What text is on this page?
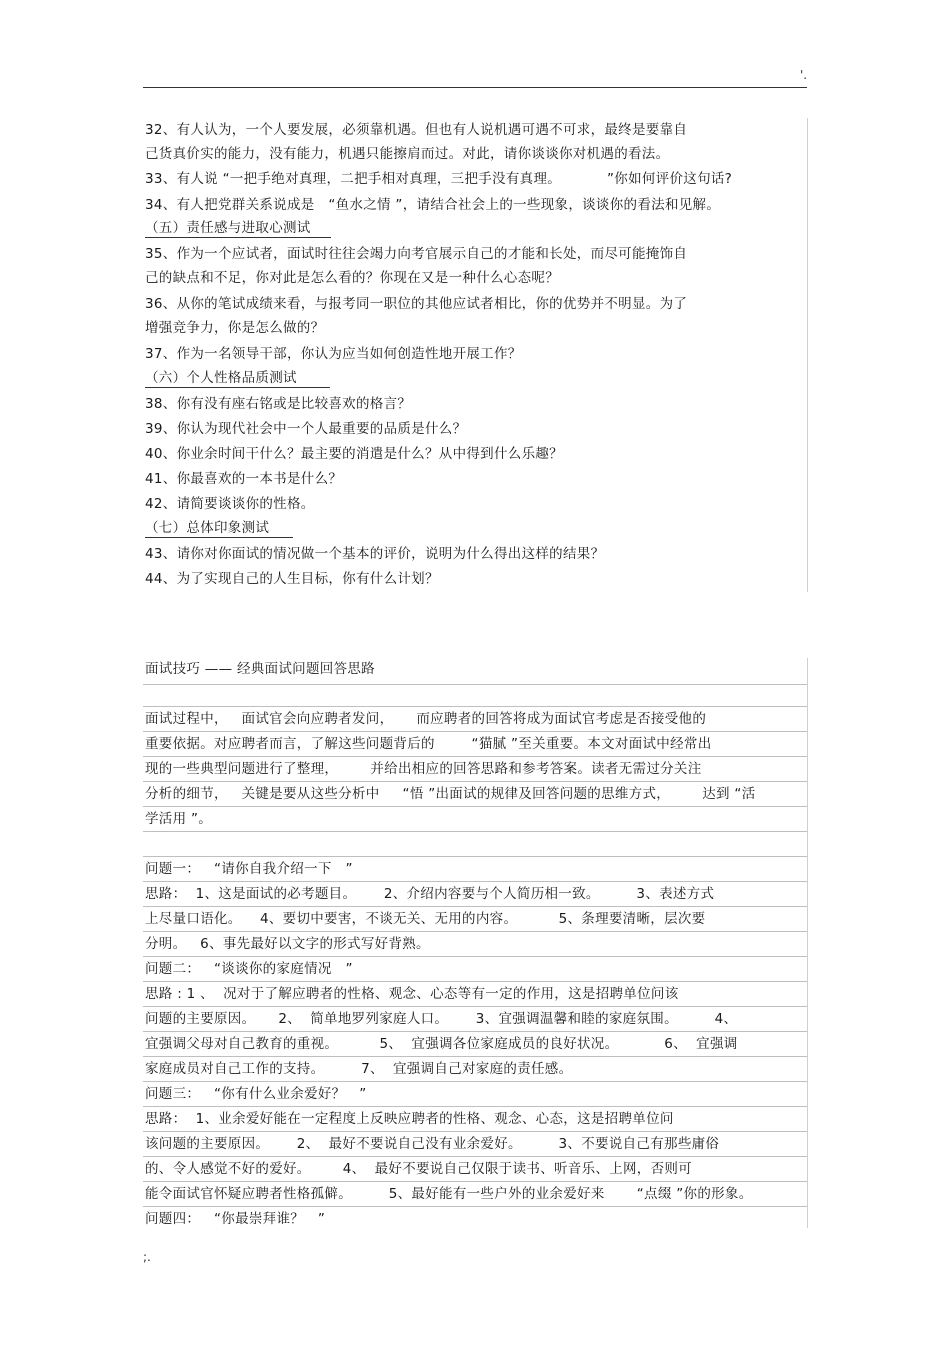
'.
32、有人认为，一个人要发展，必须靠机遇。但也有人说机遇可遇不可求，最终是要靠自
己货真价实的能力，没有能力，机遇只能擦肩而过。对此，请你谈谈你对机遇的看法。
33、有人说 “一把手绝对真理，二把手相对真理，三把手没有真理。          ”你如何评价这句话?
34、有人把党群关系说成是   “鱼水之情 ”，请结合社会上的一些现象，谈谈你的看法和见解。
（五）责任感与进取心测试
35、作为一个应试者，面试时往往会竭力向考官展示自己的才能和长处，而尽可能掩饰自
己的缺点和不足，你对此是怎么看的？你现在又是一种什么心态呢？
36、从你的笔试成绩来看，与报考同一职位的其他应试者相比，你的优势并不明显。为了
增强竞争力，你是怎么做的？
37、作为一名领导干部，你认为应当如何创造性地开展工作？
（六）个人性格品质测试
38、你有没有座右铭或是比较喜欢的格言？
39、你认为现代社会中一个人最重要的品质是什么？
40、你业余时间干什么？最主要的消遣是什么？从中得到什么乐趣？
41、你最喜欢的一本书是什么？
42、请简要谈谈你的性格。
（七）总体印象测试
43、请你对你面试的情况做一个基本的评价，说明为什么得出这样的结果？
44、为了实现自己的人生目标，你有什么计划？
面试技巧 —— 经典面试问题回答思路
面试过程中，   面试官会向应聘者发问，     而应聘者的回答将成为面试官考虑是否接受他的
重要依据。对应聘者而言，了解这些问题背后的        “猫腻 ”至关重要。本文对面试中经常出
现的一些典型问题进行了整理，       并给出相应的回答思路和参考答案。读者无需过分关注
分析的细节，   关键是要从这些分析中     “悟 ”出面试的规律及回答问题的思维方式，       达到 “活
学活用 ”。
问题一：   “请你自我介绍一下   ”
思路：  1、这是面试的必考题目。      2、介绍内容要与个人简历相一致。        3、表述方式
上尽量口语化。    4、要切中要害，不谈无关、无用的内容。         5、条理要清晰，层次要
分明。   6、事先最好以文字的形式写好背熟。
问题二：   “谈谈你的家庭情况   ”
思路 : 1 、  况对于了解应聘者的性格、观念、心态等有一定的作用，这是招聘单位问该
问题的主要原因。     2、  简单地罗列家庭人口。      3、宜强调温馨和睦的家庭氛围。        4、
宜强调父母对自己教育的重视。         5、  宜强调各位家庭成员的良好状况。          6、  宜强调
家庭成员对自己工作的支持。        7、  宜强调自己对家庭的责任感。
问题三：   “你有什么业余爱好？   ”
思路：  1、业余爱好能在一定程度上反映应聘者的性格、观念、心态，这是招聘单位问
该问题的主要原因。      2、  最好不要说自己没有业余爱好。        3、不要说自己有那些庸俗
的、令人感觉不好的爱好。       4、  最好不要说自己仅限于读书、听音乐、上网，否则可
能令面试官怀疑应聘者性格孤僻。        5、最好能有一些户外的业余爱好来       “点缀 ”你的形象。
问题四：   “你最崇拜谁？   ”
;.
